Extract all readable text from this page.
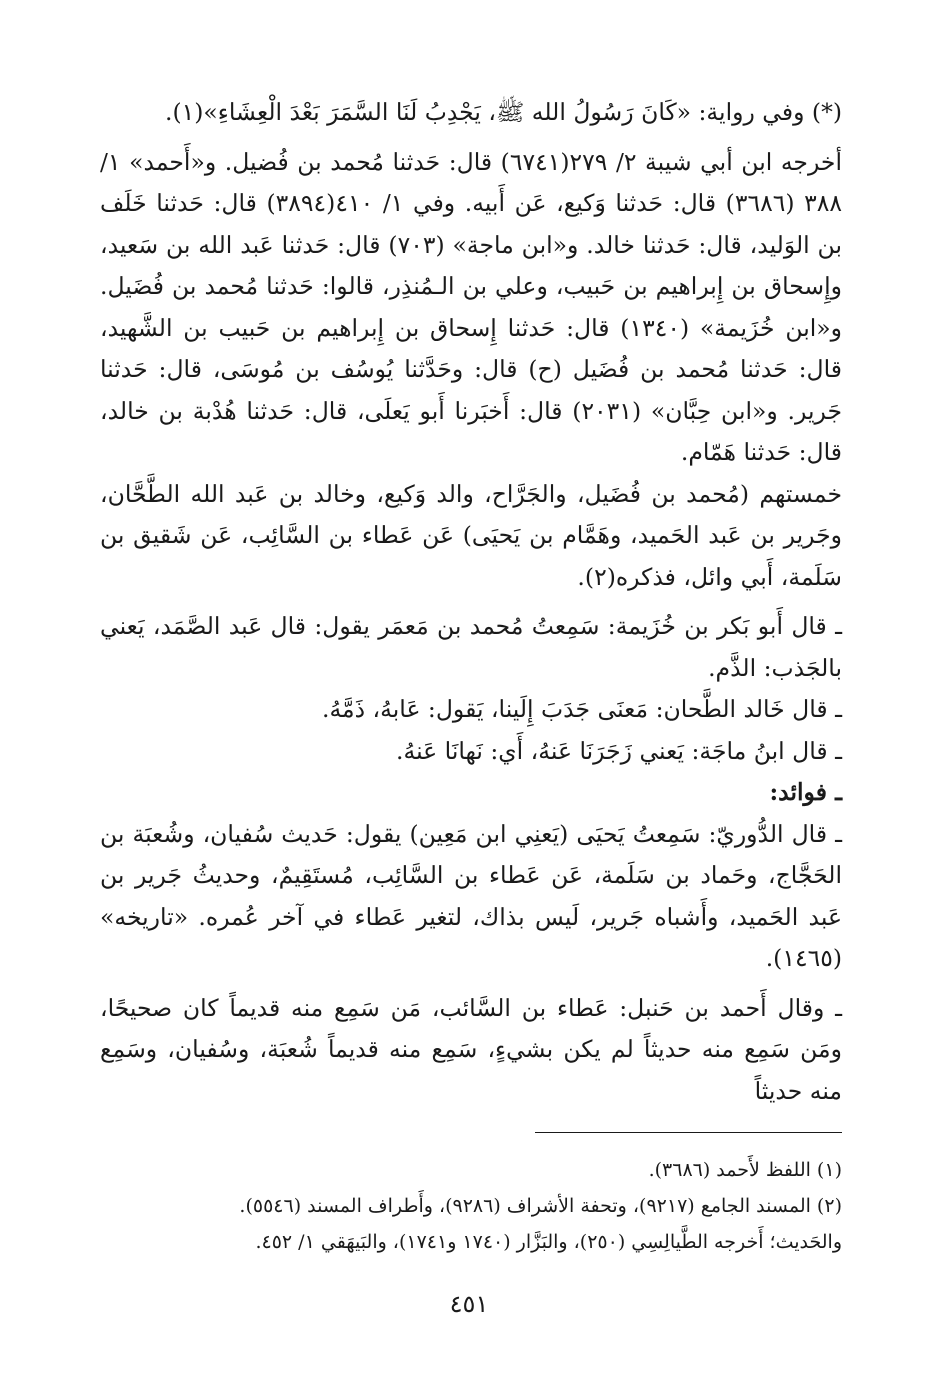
(*) وفي رواية: «كَانَ رَسُولُ الله ﷺ، يَجْدِبُ لَنَا السَّمَرَ بَعْدَ الْعِشَاءِ»(١).

أخرجه ابن أبي شيبة ٢/ ٢٧٩(٦٧٤١) قال: حَدثنا مُحمد بن فُضيل. و«أَحمد» ١/ ٣٨٨ (٣٦٨٦) قال: حَدثنا وَكيع، عَن أَبيه. وفي ١/ ٤١٠(٣٨٩٤) قال: حَدثنا خَلَف بن الوَليد، قال: حَدثنا خالد. و«ابن ماجة» (٧٠٣) قال: حَدثنا عَبد الله بن سَعيد، وإِسحاق بن إِبراهيم بن حَبيب، وعلي بن الـمُنذِر، قالوا: حَدثنا مُحمد بن فُضَيل. و«ابن خُزَيمة» (١٣٤٠) قال: حَدثنا إِسحاق بن إِبراهيم بن حَبيب بن الشَّهيد، قال: حَدثنا مُحمد بن فُضَيل (ح) قال: وحَدَّثنا يُوسُف بن مُوسَى، قال: حَدثنا جَرير. و«ابن حِبَّان» (٢٠٣١) قال: أَخبَرنا أَبو يَعلَى، قال: حَدثنا هُدْبة بن خالد، قال: حَدثنا هَمّام.

خمستهم (مُحمد بن فُضَيل، والجَرَّاح، والد وَكيع، وخالد بن عَبد الله الطَّحَّان، وجَرير بن عَبد الحَميد، وهَمَّام بن يَحيَى) عَن عَطاء بن السَّائِب، عَن شَقيق بن سَلَمة، أَبي وائل، فذكره(٢).

ـ قال أَبو بَكر بن خُزَيمة: سَمِعتُ مُحمد بن مَعمَر يقول: قال عَبد الصَّمَد، يَعني بالجَذب: الذَّم.

ـ قال خَالد الطَّحان: مَعنَى جَدَبَ إِلَينا، يَقول: عَابهُ، ذَمَّهُ.

ـ قال ابنُ ماجَة: يَعني زَجَرَنَا عَنهُ، أَي: نَهانَا عَنهُ.

ـ فوائد:

ـ قال الدُّوريّ: سَمِعتُ يَحيَى (يَعنِي ابن مَعِين) يقول: حَديث سُفيان، وشُعبَة بن الحَجَّاج، وحَماد بن سَلَمة، عَن عَطاء بن السَّائِب، مُستَقِيمٌ، وحديثُ جَرير بن عَبد الحَميد، وأَشباه جَرير، لَيس بذاك، لتغير عَطاء في آخر عُمره. «تاريخه» (١٤٦٥).

ـ وقال أَحمد بن حَنبل: عَطاء بن السَّائب، مَن سَمِع منه قديماً كان صحيحًا، ومَن سَمِع منه حديثاً لم يكن بشيءٍ، سَمِع منه قديماً شُعبَة، وسُفيان، وسَمِع منه حديثاً

(١) اللفظ لأَحمد (٣٦٨٦).

(٢) المسند الجامع (٩٢١٧)، وتحفة الأشراف (٩٢٨٦)، وأَطراف المسند (٥٥٤٦).

والحَديث؛ أَخرجه الطَّيالِسِي (٢٥٠)، والبَزَّار (١٧٤٠ و١٧٤١)، والبَيهَقي ١/ ٤٥٢.

٤٥١
